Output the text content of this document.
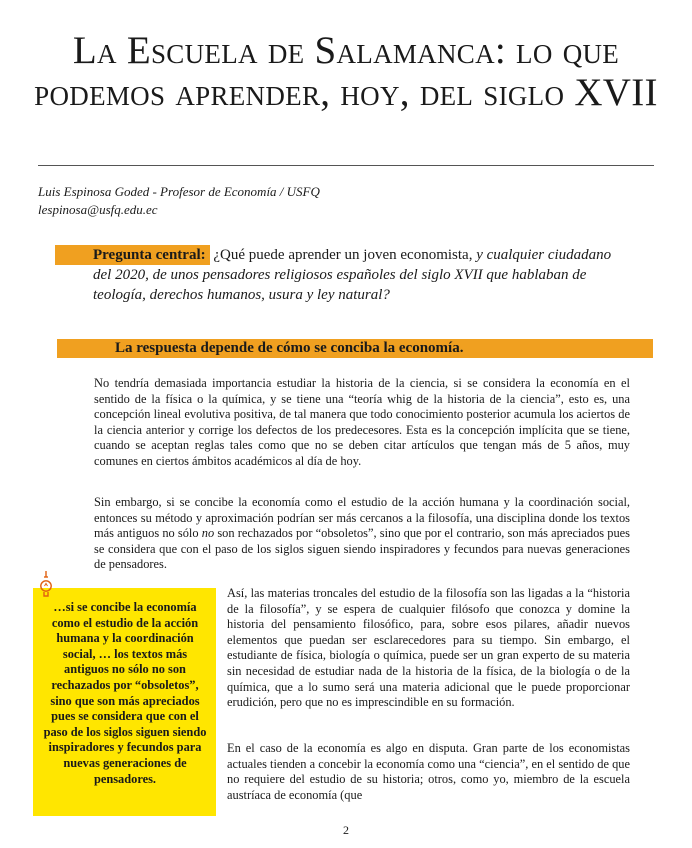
La Escuela de Salamanca: lo que podemos aprender, hoy, del siglo XVII
Luis Espinosa Goded - Profesor de Economía / USFQ
lespinosa@usfq.edu.ec
Pregunta central: ¿Qué puede aprender un joven economista, y cualquier ciudadano del 2020, de unos pensadores religiosos españoles del siglo XVII que hablaban de teología, derechos humanos, usura y ley natural?
La respuesta depende de cómo se conciba la economía.

No tendría demasiada importancia estudiar la historia de la ciencia, si se considera la economía en el sentido de la física o la química, y se tiene una “teoría whig de la historia de la ciencia”, esto es, una concepción lineal evolutiva positiva, de tal manera que todo conocimiento posterior acumula los aciertos de la ciencia anterior y corrige los defectos de los predecesores. Esta es la concepción implícita que se tiene, cuando se aceptan reglas tales como que no se deben citar artículos que tengan más de 5 años, muy comunes en ciertos ámbitos académicos al día de hoy.

Sin embargo, si se concibe la economía como el estudio de la acción humana y la coordinación social, entonces su método y aproximación podrían ser más cercanos a la filosofía, una disciplina donde los textos más antiguos no sólo no son rechazados por “obsoletos”, sino que por el contrario, son más apreciados pues se considera que con el paso de los siglos siguen siendo inspiradores y fecundos para nuevas generaciones de pensadores.

…si se concibe la economía como el estudio de la acción humana y la coordinación social, … los textos más antiguos no sólo no son rechazados por “obsoletos”, sino que son más apreciados pues se considera que con el paso de los siglos siguen siendo inspiradores y fecundos para nuevas generaciones de pensadores.

Así, las materias troncales del estudio de la filosofía son las ligadas a la “historia de la filosofía”, y se espera de cualquier filósofo que conozca y domine la historia del pensamiento filosófico, para, sobre esos pilares, añadir nuevos elementos que puedan ser esclarecedores para su tiempo. Sin embargo, el estudiante de física, biología o química, puede ser un gran experto de su materia sin necesidad de estudiar nada de la historia de la física, de la biología o de la química, que a lo sumo será una materia adicional que le puede proporcionar erudición, pero que no es imprescindible en su formación.

En el caso de la economía es algo en disputa. Gran parte de los economistas actuales tienden a concebir la economía como una “ciencia”, en el sentido de que no requiere del estudio de su historia; otros, como yo, miembro de la escuela austríaca de economía (que

2
